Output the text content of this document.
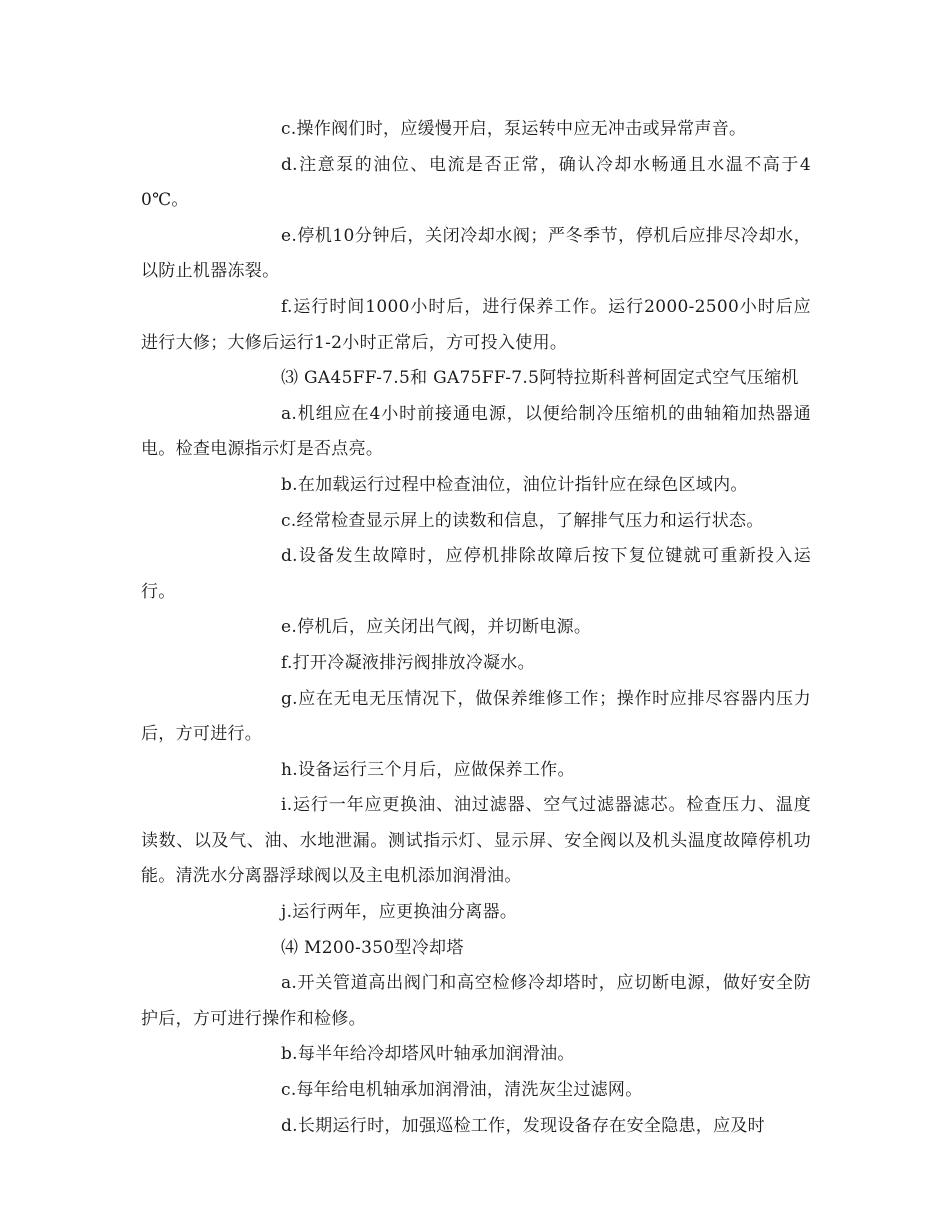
c.操作阀们时，应缓慢开启，泵运转中应无冲击或异常声音。

d.注意泵的油位、电流是否正常，确认冷却水畅通且水温不高于40℃。

e.停机10分钟后，关闭冷却水阀；严冬季节，停机后应排尽冷却水，以防止机器冻裂。

f.运行时间1000小时后，进行保养工作。运行2000-2500小时后应进行大修；大修后运行1-2小时正常后，方可投入使用。

⑶ GA45FF-7.5和 GA75FF-7.5阿特拉斯科普柯固定式空气压缩机

a.机组应在4小时前接通电源，以便给制冷压缩机的曲轴箱加热器通电。检查电源指示灯是否点亮。

b.在加载运行过程中检查油位，油位计指针应在绿色区域内。

c.经常检查显示屏上的读数和信息，了解排气压力和运行状态。

d.设备发生故障时，应停机排除故障后按下复位键就可重新投入运行。

e.停机后，应关闭出气阀，并切断电源。

f.打开冷凝液排污阀排放冷凝水。

g.应在无电无压情况下，做保养维修工作；操作时应排尽容器内压力后，方可进行。

h.设备运行三个月后，应做保养工作。

i.运行一年应更换油、油过滤器、空气过滤器滤芯。检查压力、温度读数、以及气、油、水地泄漏。测试指示灯、显示屏、安全阀以及机头温度故障停机功能。清洗水分离器浮球阀以及主电机添加润滑油。

j.运行两年，应更换油分离器。

⑷ M200-350型冷却塔

a.开关管道高出阀门和高空检修冷却塔时，应切断电源，做好安全防护后，方可进行操作和检修。

b.每半年给冷却塔风叶轴承加润滑油。

c.每年给电机轴承加润滑油，清洗灰尘过滤网。

d.长期运行时，加强巡检工作，发现设备存在安全隐患，应及时
